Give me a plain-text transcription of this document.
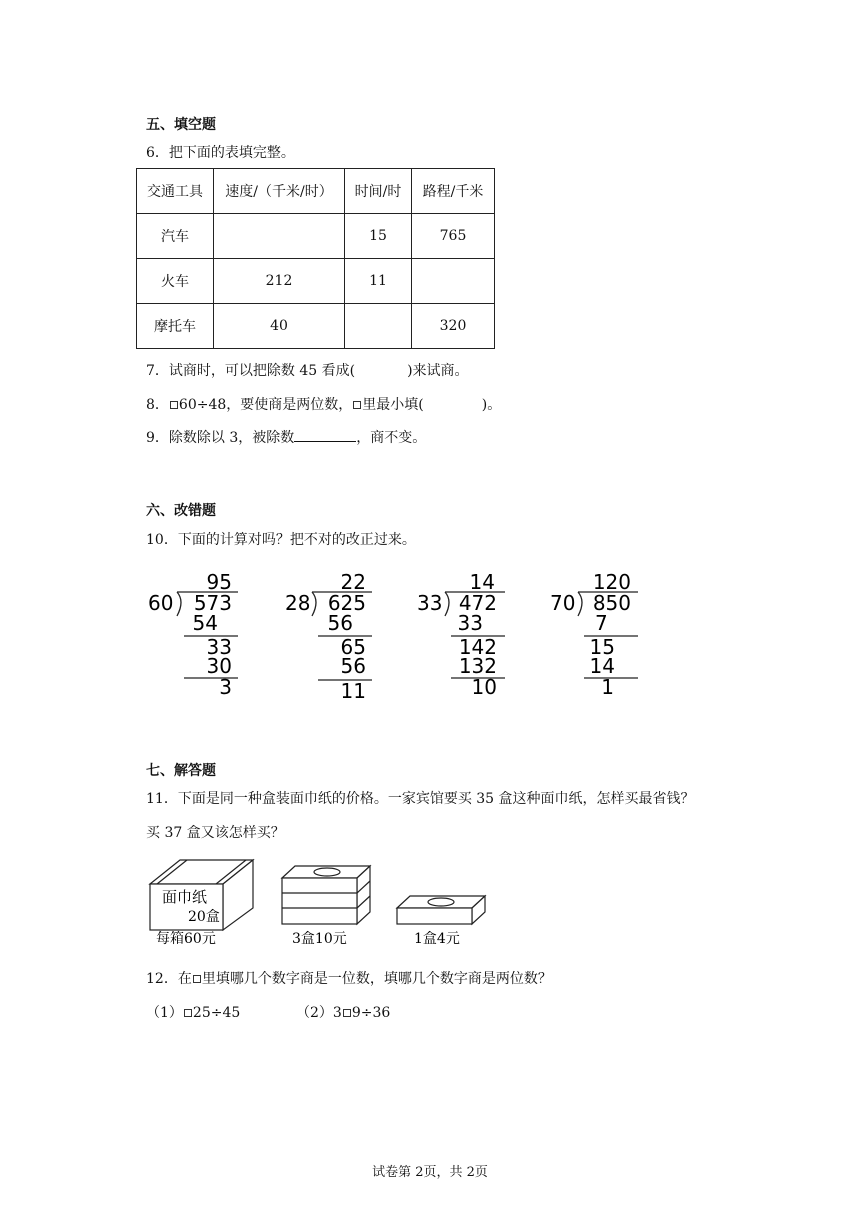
五、填空题
6．把下面的表填完整。
交通工具	速度/（千米/时）	时间/时	路程/千米
汽车		15	765
火车	212	11	
摩托车	40		320
7．试商时，可以把除数 45 看成(	)来试商。
8． 60÷48，要使商是两位数， 里最小填(	)。
9．除数除以 3，被除数	，商不变。
六、改错题
10．下面的计算对吗？把不对的改正过来。
60
95
573
54
33
30
3
28
22
625
56
65
56
11
33
14
472
33
142
132
10
70
120
850
7
15
14
1
七、解答题
11．下面是同一种盒装面巾纸的价格。一家宾馆要买 35 盒这种面巾纸，怎样买最省钱？
买 37 盒又该怎样买？
面巾纸
20盒
每箱60元	3盒10元	1盒4元
12．在 里填哪几个数字商是一位数，填哪几个数字商是两位数？
（1） 25÷45	（2）3 9÷36
试卷第 2页，共 2页
